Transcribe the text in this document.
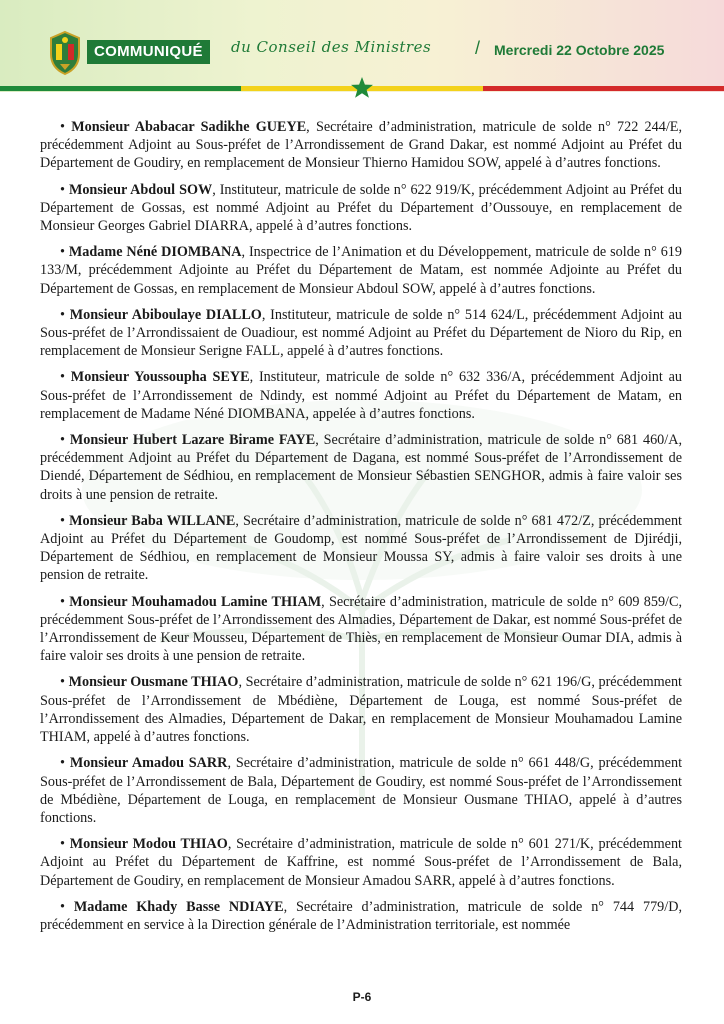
COMMUNIQUÉ	du Conseil des Ministres / Mercredi 22 Octobre 2025

• Monsieur Ababacar Sadikhe GUEYE, Secrétaire d’administration, matricule de solde n° 722 244/E, précédemment Adjoint au Sous-préfet de l’Arrondissement de Grand Dakar, est nommé Adjoint au Préfet du Département de Goudiry, en remplacement de Monsieur Thierno Hamidou SOW, appelé à d’autres fonctions.

• Monsieur Abdoul SOW, Instituteur, matricule de solde n° 622 919/K, précédemment Adjoint au Préfet du Département de Gossas, est nommé Adjoint au Préfet du Département d’Oussouye, en remplacement de Monsieur Georges Gabriel DIARRA, appelé à d’autres fonctions.

• Madame Néné DIOMBANA, Inspectrice de l’Animation et du Développement, matricule de solde n° 619 133/M, précédemment Adjointe au Préfet du Département de Matam, est nommée Adjointe au Préfet du Département de Gossas, en remplacement de Monsieur Abdoul SOW, appelé à d’autres fonctions.

• Monsieur Abiboulaye DIALLO, Instituteur, matricule de solde n° 514 624/L, précédemment Adjoint au Sous-préfet de l’Arrondissaient de Ouadiour, est nommé Adjoint au Préfet du Département de Nioro du Rip, en remplacement de Monsieur Serigne FALL, appelé à d’autres fonctions.

• Monsieur Youssoupha SEYE, Instituteur, matricule de solde n° 632 336/A, précédemment Adjoint au Sous-préfet de l’Arrondissement de Ndindy, est nommé Adjoint au Préfet du Département de Matam, en remplacement de Madame Néné DIOMBANA, appelée à d’autres fonctions.

• Monsieur Hubert Lazare Birame FAYE, Secrétaire d’administration, matricule de solde n° 681 460/A, précédemment Adjoint au Préfet du Département de Dagana, est nommé Sous-préfet de l’Arrondissement de Diendé, Département de Sédhiou, en remplacement de Monsieur Sébastien SENGHOR, admis à faire valoir ses droits à une pension de retraite.

• Monsieur Baba WILLANE, Secrétaire d’administration, matricule de solde n° 681 472/Z, précédemment Adjoint au Préfet du Département de Goudomp, est nommé Sous-préfet de l’Arrondissement de Djirédji, Département de Sédhiou, en remplacement de Monsieur Moussa SY, admis à faire valoir ses droits à une pension de retraite.

• Monsieur Mouhamadou Lamine THIAM, Secrétaire d’administration, matricule de solde n° 609 859/C, précédemment Sous-préfet de l’Arrondissement des Almadies, Département de Dakar, est nommé Sous-préfet de l’Arrondissement de Keur Mousseu, Département de Thiès, en remplacement de Monsieur Oumar DIA, admis à faire valoir ses droits à une pension de retraite.

• Monsieur Ousmane THIAO, Secrétaire d’administration, matricule de solde n° 621 196/G, précédemment Sous-préfet de l’Arrondissement de Mbédiène, Département de Louga, est nommé Sous-préfet de l’Arrondissement des Almadies, Département de Dakar, en remplacement de Monsieur Mouhamadou Lamine THIAM, appelé à d’autres fonctions.

• Monsieur Amadou SARR, Secrétaire d’administration, matricule de solde n° 661 448/G, précédemment Sous-préfet de l’Arrondissement de Bala, Département de Goudiry, est nommé Sous-préfet de l’Arrondissement de Mbédiène, Département de Louga, en remplacement de Monsieur Ousmane THIAO, appelé à d’autres fonctions.

• Monsieur Modou THIAO, Secrétaire d’administration, matricule de solde n° 601 271/K, précédemment Adjoint au Préfet du Département de Kaffrine, est nommé Sous-préfet de l’Arrondissement de Bala, Département de Goudiry, en remplacement de Monsieur Amadou SARR, appelé à d’autres fonctions.

• Madame Khady Basse NDIAYE, Secrétaire d’administration, matricule de solde n° 744 779/D, précédemment en service à la Direction générale de l’Administration territoriale, est nommée

P-6
